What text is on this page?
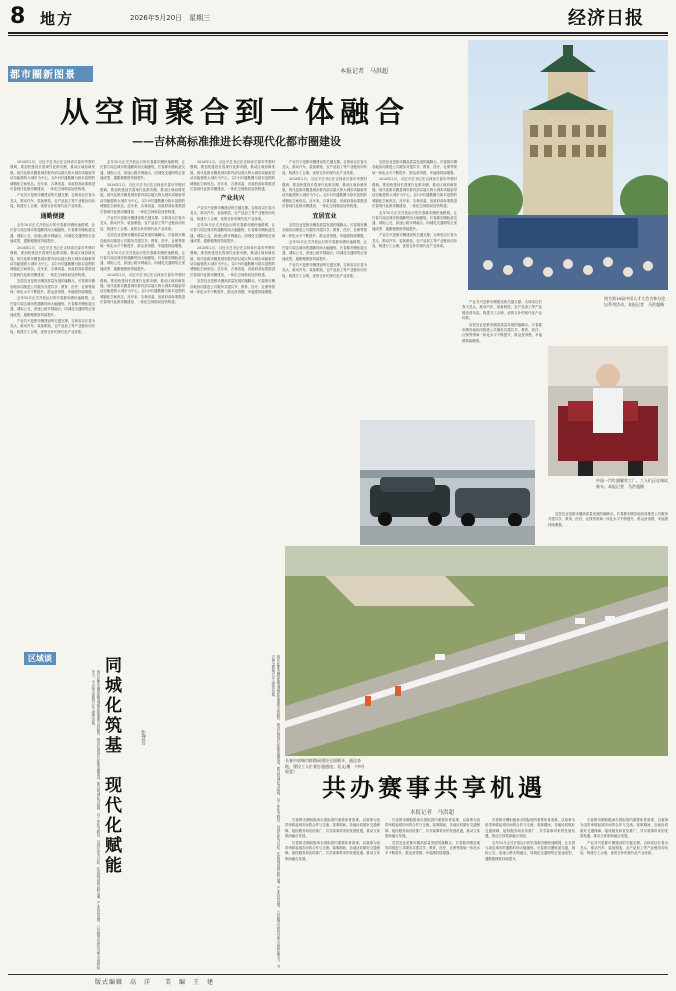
8 地方	2026年5月20日　星期三	经济日报
都市圈新图景	本报记者　马洪超
从空间聚合到一体融合
——吉林高标准推进长春现代化都市圈建设
图为第18届中国人才大会吉林分论坛系列活动。本报记者　马洪超摄
中国一汽红旗繁荣工厂。工人们正在调试新车。本报记者　马洪超摄

2026年2月，习近平总书记在吉林省长春市考察时强调，要加快建设长春现代化都市圈，推动区域协调发展。现代化都市圈是城市群内部以超大特大城市或辐射带动功能强的大城市为中心、以1小时通勤圈为基本范围的城镇化空间形态。近年来，吉林省委、省政府高标准推进长春现代化都市圈建设，一体化空间格局加快构建。

产业共兴是都市圈建设的关键支撑。吉林省以长春为龙头，推动汽车、装备制造、农产品加工等产业链协同布局，构建分工合理、优势互补的现代化产业体系。

通勤便捷

去年10月正式开放运行的长春都市圈快速路网，让长春与周边城市的通勤时间大幅缩短。长春都市圈轨道交通、城际公交、高速公路多网融合，同城化交通网络正加速成型，通勤便捷度持续提升。

2026年2月，习近平总书记在吉林省长春市考察时强调，要加快建设长春现代化都市圈，推动区域协调发展。现代化都市圈是城市群内部以超大特大城市或辐射带动功能强的大城市为中心、以1小时通勤圈为基本范围的城镇化空间形态。近年来，吉林省委、省政府高标准推进长春现代化都市圈建设，一体化空间格局加快构建。

宜居宜业是都市圈高质量发展的落脚点。长春都市圈各地协同推进公共服务共建共享，教育、医疗、社保等领域一体化水平不断提升，群众获得感、幸福感持续增强。

去年10月正式开放运行的长春都市圈快速路网，让长春与周边城市的通勤时间大幅缩短。长春都市圈轨道交通、城际公交、高速公路多网融合，同城化交通网络正加速成型，通勤便捷度持续提升。

产业共兴是都市圈建设的关键支撑。吉林省以长春为龙头，推动汽车、装备制造、农产品加工等产业链协同布局，构建分工合理、优势互补的现代化产业体系。

去年10月正式开放运行的长春都市圈快速路网，让长春与周边城市的通勤时间大幅缩短。长春都市圈轨道交通、城际公交、高速公路多网融合，同城化交通网络正加速成型，通勤便捷度持续提升。

2026年2月，习近平总书记在吉林省长春市考察时强调，要加快建设长春现代化都市圈，推动区域协调发展。现代化都市圈是城市群内部以超大特大城市或辐射带动功能强的大城市为中心、以1小时通勤圈为基本范围的城镇化空间形态。近年来，吉林省委、省政府高标准推进长春现代化都市圈建设，一体化空间格局加快构建。

产业共兴是都市圈建设的关键支撑。吉林省以长春为龙头，推动汽车、装备制造、农产品加工等产业链协同布局，构建分工合理、优势互补的现代化产业体系。

宜居宜业是都市圈高质量发展的落脚点。长春都市圈各地协同推进公共服务共建共享，教育、医疗、社保等领域一体化水平不断提升，群众获得感、幸福感持续增强。

去年10月正式开放运行的长春都市圈快速路网，让长春与周边城市的通勤时间大幅缩短。长春都市圈轨道交通、城际公交、高速公路多网融合，同城化交通网络正加速成型，通勤便捷度持续提升。

2026年2月，习近平总书记在吉林省长春市考察时强调，要加快建设长春现代化都市圈，推动区域协调发展。现代化都市圈是城市群内部以超大特大城市或辐射带动功能强的大城市为中心、以1小时通勤圈为基本范围的城镇化空间形态。近年来，吉林省委、省政府高标准推进长春现代化都市圈建设，一体化空间格局加快构建。

2026年2月，习近平总书记在吉林省长春市考察时强调，要加快建设长春现代化都市圈，推动区域协调发展。现代化都市圈是城市群内部以超大特大城市或辐射带动功能强的大城市为中心、以1小时通勤圈为基本范围的城镇化空间形态。近年来，吉林省委、省政府高标准推进长春现代化都市圈建设，一体化空间格局加快构建。

产业共兴

产业共兴是都市圈建设的关键支撑。吉林省以长春为龙头，推动汽车、装备制造、农产品加工等产业链协同布局，构建分工合理、优势互补的现代化产业体系。

去年10月正式开放运行的长春都市圈快速路网，让长春与周边城市的通勤时间大幅缩短。长春都市圈轨道交通、城际公交、高速公路多网融合，同城化交通网络正加速成型，通勤便捷度持续提升。

2026年2月，习近平总书记在吉林省长春市考察时强调，要加快建设长春现代化都市圈，推动区域协调发展。现代化都市圈是城市群内部以超大特大城市或辐射带动功能强的大城市为中心、以1小时通勤圈为基本范围的城镇化空间形态。近年来，吉林省委、省政府高标准推进长春现代化都市圈建设，一体化空间格局加快构建。

宜居宜业是都市圈高质量发展的落脚点。长春都市圈各地协同推进公共服务共建共享，教育、医疗、社保等领域一体化水平不断提升，群众获得感、幸福感持续增强。

产业共兴是都市圈建设的关键支撑。吉林省以长春为龙头，推动汽车、装备制造、农产品加工等产业链协同布局，构建分工合理、优势互补的现代化产业体系。

2026年2月，习近平总书记在吉林省长春市考察时强调，要加快建设长春现代化都市圈，推动区域协调发展。现代化都市圈是城市群内部以超大特大城市或辐射带动功能强的大城市为中心、以1小时通勤圈为基本范围的城镇化空间形态。近年来，吉林省委、省政府高标准推进长春现代化都市圈建设，一体化空间格局加快构建。

宜居宜业

宜居宜业是都市圈高质量发展的落脚点。长春都市圈各地协同推进公共服务共建共享，教育、医疗、社保等领域一体化水平不断提升，群众获得感、幸福感持续增强。

去年10月正式开放运行的长春都市圈快速路网，让长春与周边城市的通勤时间大幅缩短。长春都市圈轨道交通、城际公交、高速公路多网融合，同城化交通网络正加速成型，通勤便捷度持续提升。

产业共兴是都市圈建设的关键支撑。吉林省以长春为龙头，推动汽车、装备制造、农产品加工等产业链协同布局，构建分工合理、优势互补的现代化产业体系。

宜居宜业是都市圈高质量发展的落脚点。长春都市圈各地协同推进公共服务共建共享，教育、医疗、社保等领域一体化水平不断提升，群众获得感、幸福感持续增强。

2026年2月，习近平总书记在吉林省长春市考察时强调，要加快建设长春现代化都市圈，推动区域协调发展。现代化都市圈是城市群内部以超大特大城市或辐射带动功能强的大城市为中心、以1小时通勤圈为基本范围的城镇化空间形态。近年来，吉林省委、省政府高标准推进长春现代化都市圈建设，一体化空间格局加快构建。

去年10月正式开放运行的长春都市圈快速路网，让长春与周边城市的通勤时间大幅缩短。长春都市圈轨道交通、城际公交、高速公路多网融合，同城化交通网络正加速成型，通勤便捷度持续提升。

产业共兴是都市圈建设的关键支撑。吉林省以长春为龙头，推动汽车、装备制造、农产品加工等产业链协同布局，构建分工合理、优势互补的现代化产业体系。

产业共兴是都市圈建设的关键支撑。吉林省以长春为龙头，推动汽车、装备制造、农产品加工等产业链协同布局，构建分工合理、优势互补的现代化产业体系。

宜居宜业是都市圈高质量发展的落脚点。长春都市圈各地协同推进公共服务共建共享，教育、医疗、社保等领域一体化水平不断提升，群众获得感、幸福感持续增强。

宜居宜业是都市圈高质量发展的落脚点。长春都市圈各地协同推进公共服务共建共享，教育、医疗、社保等领域一体化水平不断提升，群众获得感、幸福感持续增强。

区域谈	同城化筑基　现代化赋能	张慧芳
现代化都市圈是新型城镇化的重要空间载体。推动长春现代化都市圈建设，要以同城化为基础，以一体化为路径，以现代化为目标，在基础设施互联互通、产业协同发展、公共服务共建共享等方面持续发力，为吉林全面振兴注入强劲动能。	现代化都市圈是新型城镇化的重要空间载体。推动长春现代化都市圈建设，要以同城化为基础，以一体化为路径，以现代化为目标，在基础设施互联互通、产业协同发展、公共服务共建共享等方面持续发力，为吉林全面振兴注入强劲动能。
长春中部城市群路网建设全面铺开，通达各地，建设工人忙着打通通途。袁文/摄　（中经视觉）
共办赛事共享机遇
本报记者　马洪超

长春都市圈积极承办国际国内重要体育赛事，以赛事为纽带串联起城市间的合作与交流。赛事期间，各地协同做好交通保障、接待服务和宣传推广，共享赛事带来的发展机遇，推动文体旅商融合发展。

长春都市圈积极承办国际国内重要体育赛事，以赛事为纽带串联起城市间的合作与交流。赛事期间，各地协同做好交通保障、接待服务和宣传推广，共享赛事带来的发展机遇，推动文体旅商融合发展。

长春都市圈积极承办国际国内重要体育赛事，以赛事为纽带串联起城市间的合作与交流。赛事期间，各地协同做好交通保障、接待服务和宣传推广，共享赛事带来的发展机遇，推动文体旅商融合发展。

宜居宜业是都市圈高质量发展的落脚点。长春都市圈各地协同推进公共服务共建共享，教育、医疗、社保等领域一体化水平不断提升，群众获得感、幸福感持续增强。

长春都市圈积极承办国际国内重要体育赛事，以赛事为纽带串联起城市间的合作与交流。赛事期间，各地协同做好交通保障、接待服务和宣传推广，共享赛事带来的发展机遇，推动文体旅商融合发展。

去年10月正式开放运行的长春都市圈快速路网，让长春与周边城市的通勤时间大幅缩短。长春都市圈轨道交通、城际公交、高速公路多网融合，同城化交通网络正加速成型，通勤便捷度持续提升。

长春都市圈积极承办国际国内重要体育赛事，以赛事为纽带串联起城市间的合作与交流。赛事期间，各地协同做好交通保障、接待服务和宣传推广，共享赛事带来的发展机遇，推动文体旅商融合发展。

产业共兴是都市圈建设的关键支撑。吉林省以长春为龙头，推动汽车、装备制造、农产品加工等产业链协同布局，构建分工合理、优势互补的现代化产业体系。

版式编辑　高　洋　　美　编　王　建
